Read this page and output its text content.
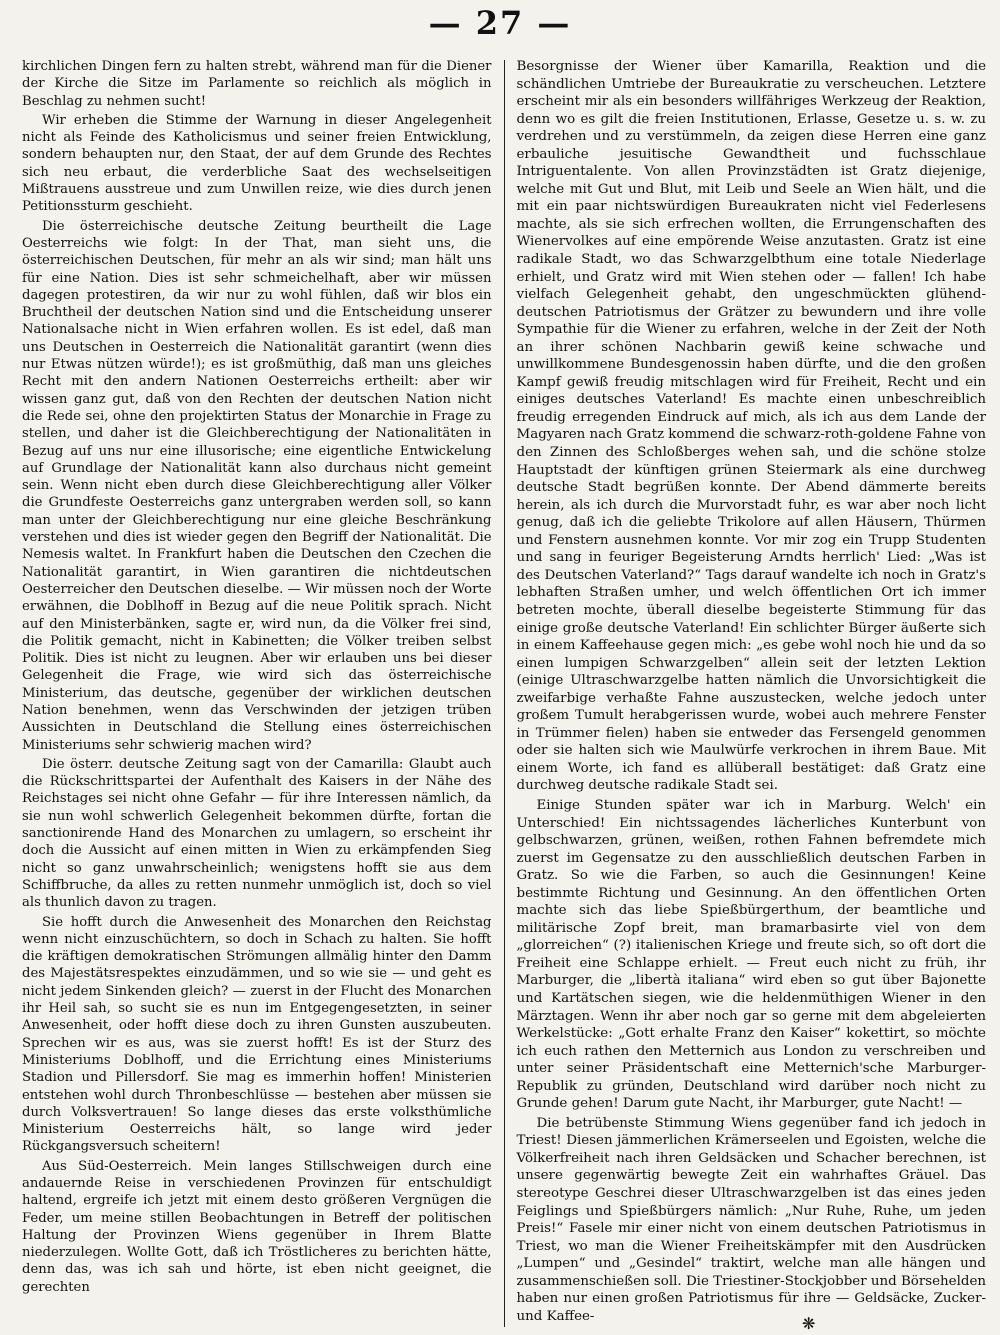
— 27 —

kirchlichen Dingen fern zu halten strebt, während man für die Diener der Kirche die Sitze im Parlamente so reichlich als möglich in Beschlag zu nehmen sucht!

Wir erheben die Stimme der Warnung in dieser Angelegenheit nicht als Feinde des Katholicismus und seiner freien Entwicklung, sondern behaupten nur, den Staat, der auf dem Grunde des Rechtes sich neu erbaut, die verderbliche Saat des wechselseitigen Mißtrauens ausstreue und zum Unwillen reize, wie dies durch jenen Petitionssturm geschieht.

Die österreichische deutsche Zeitung beurtheilt die Lage Oesterreichs wie folgt: In der That, man sieht uns, die österreichischen Deutschen, für mehr an als wir sind; man hält uns für eine Nation. Dies ist sehr schmeichelhaft, aber wir müssen dagegen protestiren, da wir nur zu wohl fühlen, daß wir blos ein Bruchtheil der deutschen Nation sind und die Entscheidung unserer Nationalsache nicht in Wien erfahren wollen. Es ist edel, daß man uns Deutschen in Oesterreich die Nationalität garantirt (wenn dies nur Etwas nützen würde!); es ist großmüthig, daß man uns gleiches Recht mit den andern Nationen Oesterreichs ertheilt: aber wir wissen ganz gut, daß von den Rechten der deutschen Nation nicht die Rede sei, ohne den projektirten Status der Monarchie in Frage zu stellen, und daher ist die Gleichberechtigung der Nationalitäten in Bezug auf uns nur eine illusorische; eine eigentliche Entwickelung auf Grundlage der Nationalität kann also durchaus nicht gemeint sein. Wenn nicht eben durch diese Gleichberechtigung aller Völker die Grundfeste Oesterreichs ganz untergraben werden soll, so kann man unter der Gleichberechtigung nur eine gleiche Beschränkung verstehen und dies ist wieder gegen den Begriff der Nationalität. Die Nemesis waltet. In Frankfurt haben die Deutschen den Czechen die Nationalität garantirt, in Wien garantiren die nichtdeutschen Oesterreicher den Deutschen dieselbe. — Wir müssen noch der Worte erwähnen, die Doblhoff in Bezug auf die neue Politik sprach. Nicht auf den Ministerbänken, sagte er, wird nun, da die Völker frei sind, die Politik gemacht, nicht in Kabinetten; die Völker treiben selbst Politik. Dies ist nicht zu leugnen. Aber wir erlauben uns bei dieser Gelegenheit die Frage, wie wird sich das österreichische Ministerium, das deutsche, gegenüber der wirklichen deutschen Nation benehmen, wenn das Verschwinden der jetzigen trüben Aussichten in Deutschland die Stellung eines österreichischen Ministeriums sehr schwierig machen wird?

Die österr. deutsche Zeitung sagt von der Camarilla: Glaubt auch die Rückschrittspartei der Aufenthalt des Kaisers in der Nähe des Reichstages sei nicht ohne Gefahr — für ihre Interessen nämlich, da sie nun wohl schwerlich Gelegenheit bekommen dürfte, fortan die sanctionirende Hand des Monarchen zu umlagern, so erscheint ihr doch die Aussicht auf einen mitten in Wien zu erkämpfenden Sieg nicht so ganz unwahrscheinlich; wenigstens hofft sie aus dem Schiffbruche, da alles zu retten nunmehr unmöglich ist, doch so viel als thunlich davon zu tragen.

Sie hofft durch die Anwesenheit des Monarchen den Reichstag wenn nicht einzuschüchtern, so doch in Schach zu halten. Sie hofft die kräftigen demokratischen Strömungen allmälig hinter den Damm des Majestätsrespektes einzudämmen, und so wie sie — und geht es nicht jedem Sinkenden gleich? — zuerst in der Flucht des Monarchen ihr Heil sah, so sucht sie es nun im Entgegengesetzten, in seiner Anwesenheit, oder hofft diese doch zu ihren Gunsten auszubeuten. Sprechen wir es aus, was sie zuerst hofft! Es ist der Sturz des Ministeriums Doblhoff, und die Errichtung eines Ministeriums Stadion und Pillersdorf. Sie mag es immerhin hoffen! Ministerien entstehen wohl durch Thronbeschlüsse — bestehen aber müssen sie durch Volksvertrauen! So lange dieses das erste volksthümliche Ministerium Oesterreichs hält, so lange wird jeder Rückgangsversuch scheitern!

Aus Süd-Oesterreich. Mein langes Stillschweigen durch eine andauernde Reise in verschiedenen Provinzen für entschuldigt haltend, ergreife ich jetzt mit einem desto größeren Vergnügen die Feder, um meine stillen Beobachtungen in Betreff der politischen Haltung der Provinzen Wiens gegenüber in Ihrem Blatte niederzulegen. Wollte Gott, daß ich Tröstlicheres zu berichten hätte, denn das, was ich sah und hörte, ist eben nicht geeignet, die gerechten

Besorgnisse der Wiener über Kamarilla, Reaktion und die schändlichen Umtriebe der Bureaukratie zu verscheuchen. Letztere erscheint mir als ein besonders willfähriges Werkzeug der Reaktion, denn wo es gilt die freien Institutionen, Erlasse, Gesetze u. s. w. zu verdrehen und zu verstümmeln, da zeigen diese Herren eine ganz erbauliche jesuitische Gewandtheit und fuchsschlaue Intriguentalente. Von allen Provinzstädten ist Gratz diejenige, welche mit Gut und Blut, mit Leib und Seele an Wien hält, und die mit ein paar nichtswürdigen Bureaukraten nicht viel Federlesens machte, als sie sich erfrechen wollten, die Errungenschaften des Wienervolkes auf eine empörende Weise anzutasten. Gratz ist eine radikale Stadt, wo das Schwarzgelbthum eine totale Niederlage erhielt, und Gratz wird mit Wien stehen oder — fallen! Ich habe vielfach Gelegenheit gehabt, den ungeschmückten glühend-deutschen Patriotismus der Grätzer zu bewundern und ihre volle Sympathie für die Wiener zu erfahren, welche in der Zeit der Noth an ihrer schönen Nachbarin gewiß keine schwache und unwillkommene Bundesgenossin haben dürfte, und die den großen Kampf gewiß freudig mitschlagen wird für Freiheit, Recht und ein einiges deutsches Vaterland! Es machte einen unbeschreiblich freudig erregenden Eindruck auf mich, als ich aus dem Lande der Magyaren nach Gratz kommend die schwarz-roth-goldene Fahne von den Zinnen des Schloßberges wehen sah, und die schöne stolze Hauptstadt der künftigen grünen Steiermark als eine durchweg deutsche Stadt begrüßen konnte. Der Abend dämmerte bereits herein, als ich durch die Murvorstadt fuhr, es war aber noch licht genug, daß ich die geliebte Trikolore auf allen Häusern, Thürmen und Fenstern ausnehmen konnte. Vor mir zog ein Trupp Studenten und sang in feuriger Begeisterung Arndts herrlich' Lied: „Was ist des Deutschen Vaterland?“ Tags darauf wandelte ich noch in Gratz's lebhaften Straßen umher, und welch öffentlichen Ort ich immer betreten mochte, überall dieselbe begeisterte Stimmung für das einige große deutsche Vaterland! Ein schlichter Bürger äußerte sich in einem Kaffeehause gegen mich: „es gebe wohl noch hie und da so einen lumpigen Schwarzgelben“ allein seit der letzten Lektion (einige Ultraschwarzgelbe hatten nämlich die Unvorsichtigkeit die zweifarbige verhaßte Fahne auszustecken, welche jedoch unter großem Tumult herabgerissen wurde, wobei auch mehrere Fenster in Trümmer fielen) haben sie entweder das Fersengeld genommen oder sie halten sich wie Maulwürfe verkrochen in ihrem Baue. Mit einem Worte, ich fand es allüberall bestätiget: daß Gratz eine durchweg deutsche radikale Stadt sei.

Einige Stunden später war ich in Marburg. Welch' ein Unterschied! Ein nichtssagendes lächerliches Kunterbunt von gelbschwarzen, grünen, weißen, rothen Fahnen befremdete mich zuerst im Gegensatze zu den ausschließlich deutschen Farben in Gratz. So wie die Farben, so auch die Gesinnungen! Keine bestimmte Richtung und Gesinnung. An den öffentlichen Orten machte sich das liebe Spießbürgerthum, der beamtliche und militärische Zopf breit, man bramarbasirte viel von dem „glorreichen“ (?) italienischen Kriege und freute sich, so oft dort die Freiheit eine Schlappe erhielt. — Freut euch nicht zu früh, ihr Marburger, die „libertà italiana“ wird eben so gut über Bajonette und Kartätschen siegen, wie die heldenmüthigen Wiener in den Märztagen. Wenn ihr aber noch gar so gerne mit dem abgeleierten Werkelstücke: „Gott erhalte Franz den Kaiser“ kokettirt, so möchte ich euch rathen den Metternich aus London zu verschreiben und unter seiner Präsidentschaft eine Metternich'sche Marburger-Republik zu gründen, Deutschland wird darüber noch nicht zu Grunde gehen! Darum gute Nacht, ihr Marburger, gute Nacht! —

Die betrübenste Stimmung Wiens gegenüber fand ich jedoch in Triest! Diesen jämmerlichen Krämerseelen und Egoisten, welche die Völkerfreiheit nach ihren Geldsäcken und Schacher berechnen, ist unsere gegenwärtig bewegte Zeit ein wahrhaftes Gräuel. Das stereotype Geschrei dieser Ultraschwarzgelben ist das eines jeden Feiglings und Spießbürgers nämlich: „Nur Ruhe, Ruhe, um jeden Preis!“ Fasele mir einer nicht von einem deutschen Patriotismus in Triest, wo man die Wiener Freiheitskämpfer mit den Ausdrücken „Lumpen“ und „Gesindel“ traktirt, welche man alle hängen und zusammenschießen soll. Die Triestiner-Stockjobber und Börsehelden haben nur einen großen Patriotismus für ihre — Geldsäcke, Zucker- und Kaffee-	❋
